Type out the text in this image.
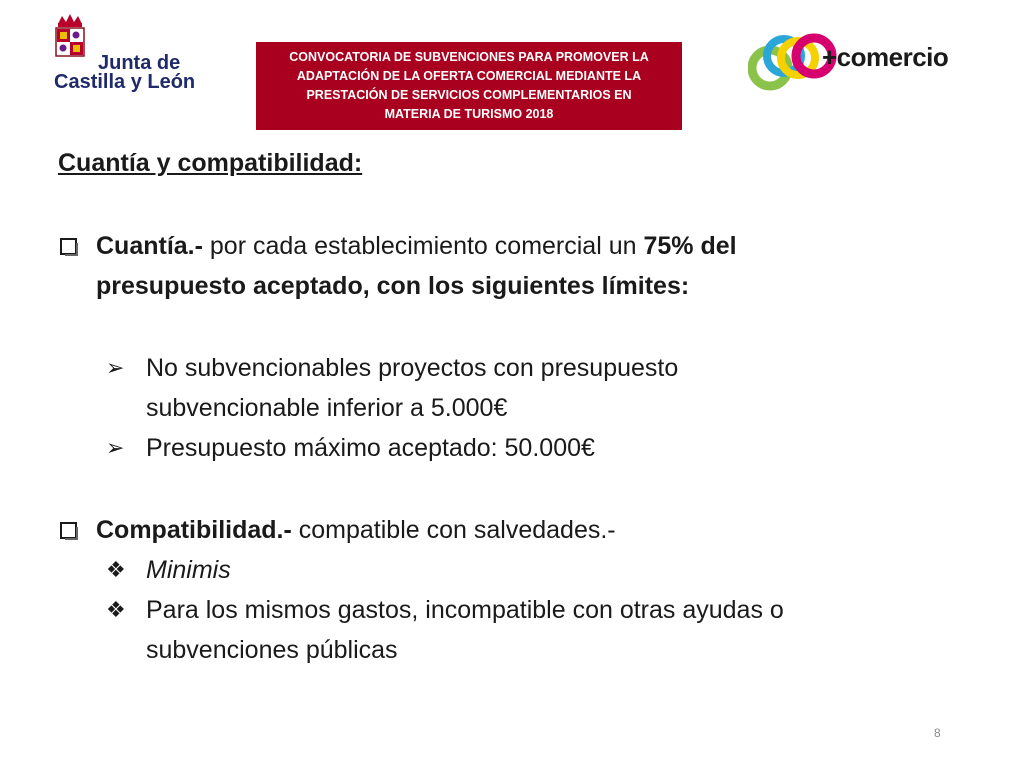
Junta de
Castilla y León
CONVOCATORIA DE SUBVENCIONES PARA PROMOVER LA
ADAPTACIÓN DE LA OFERTA COMERCIAL MEDIANTE LA
PRESTACIÓN DE SERVICIOS COMPLEMENTARIOS EN
MATERIA DE TURISMO 2018
+comercio
Cuantía y compatibilidad:
Cuantía.- por cada establecimiento comercial un 75% del
presupuesto aceptado, con los siguientes límites:
➢ No subvencionables proyectos con presupuesto
subvencionable inferior a 5.000€
➢ Presupuesto máximo aceptado: 50.000€
Compatibilidad.- compatible con salvedades.-
❖ Minimis
❖ Para los mismos gastos, incompatible con otras ayudas o
subvenciones públicas
8
